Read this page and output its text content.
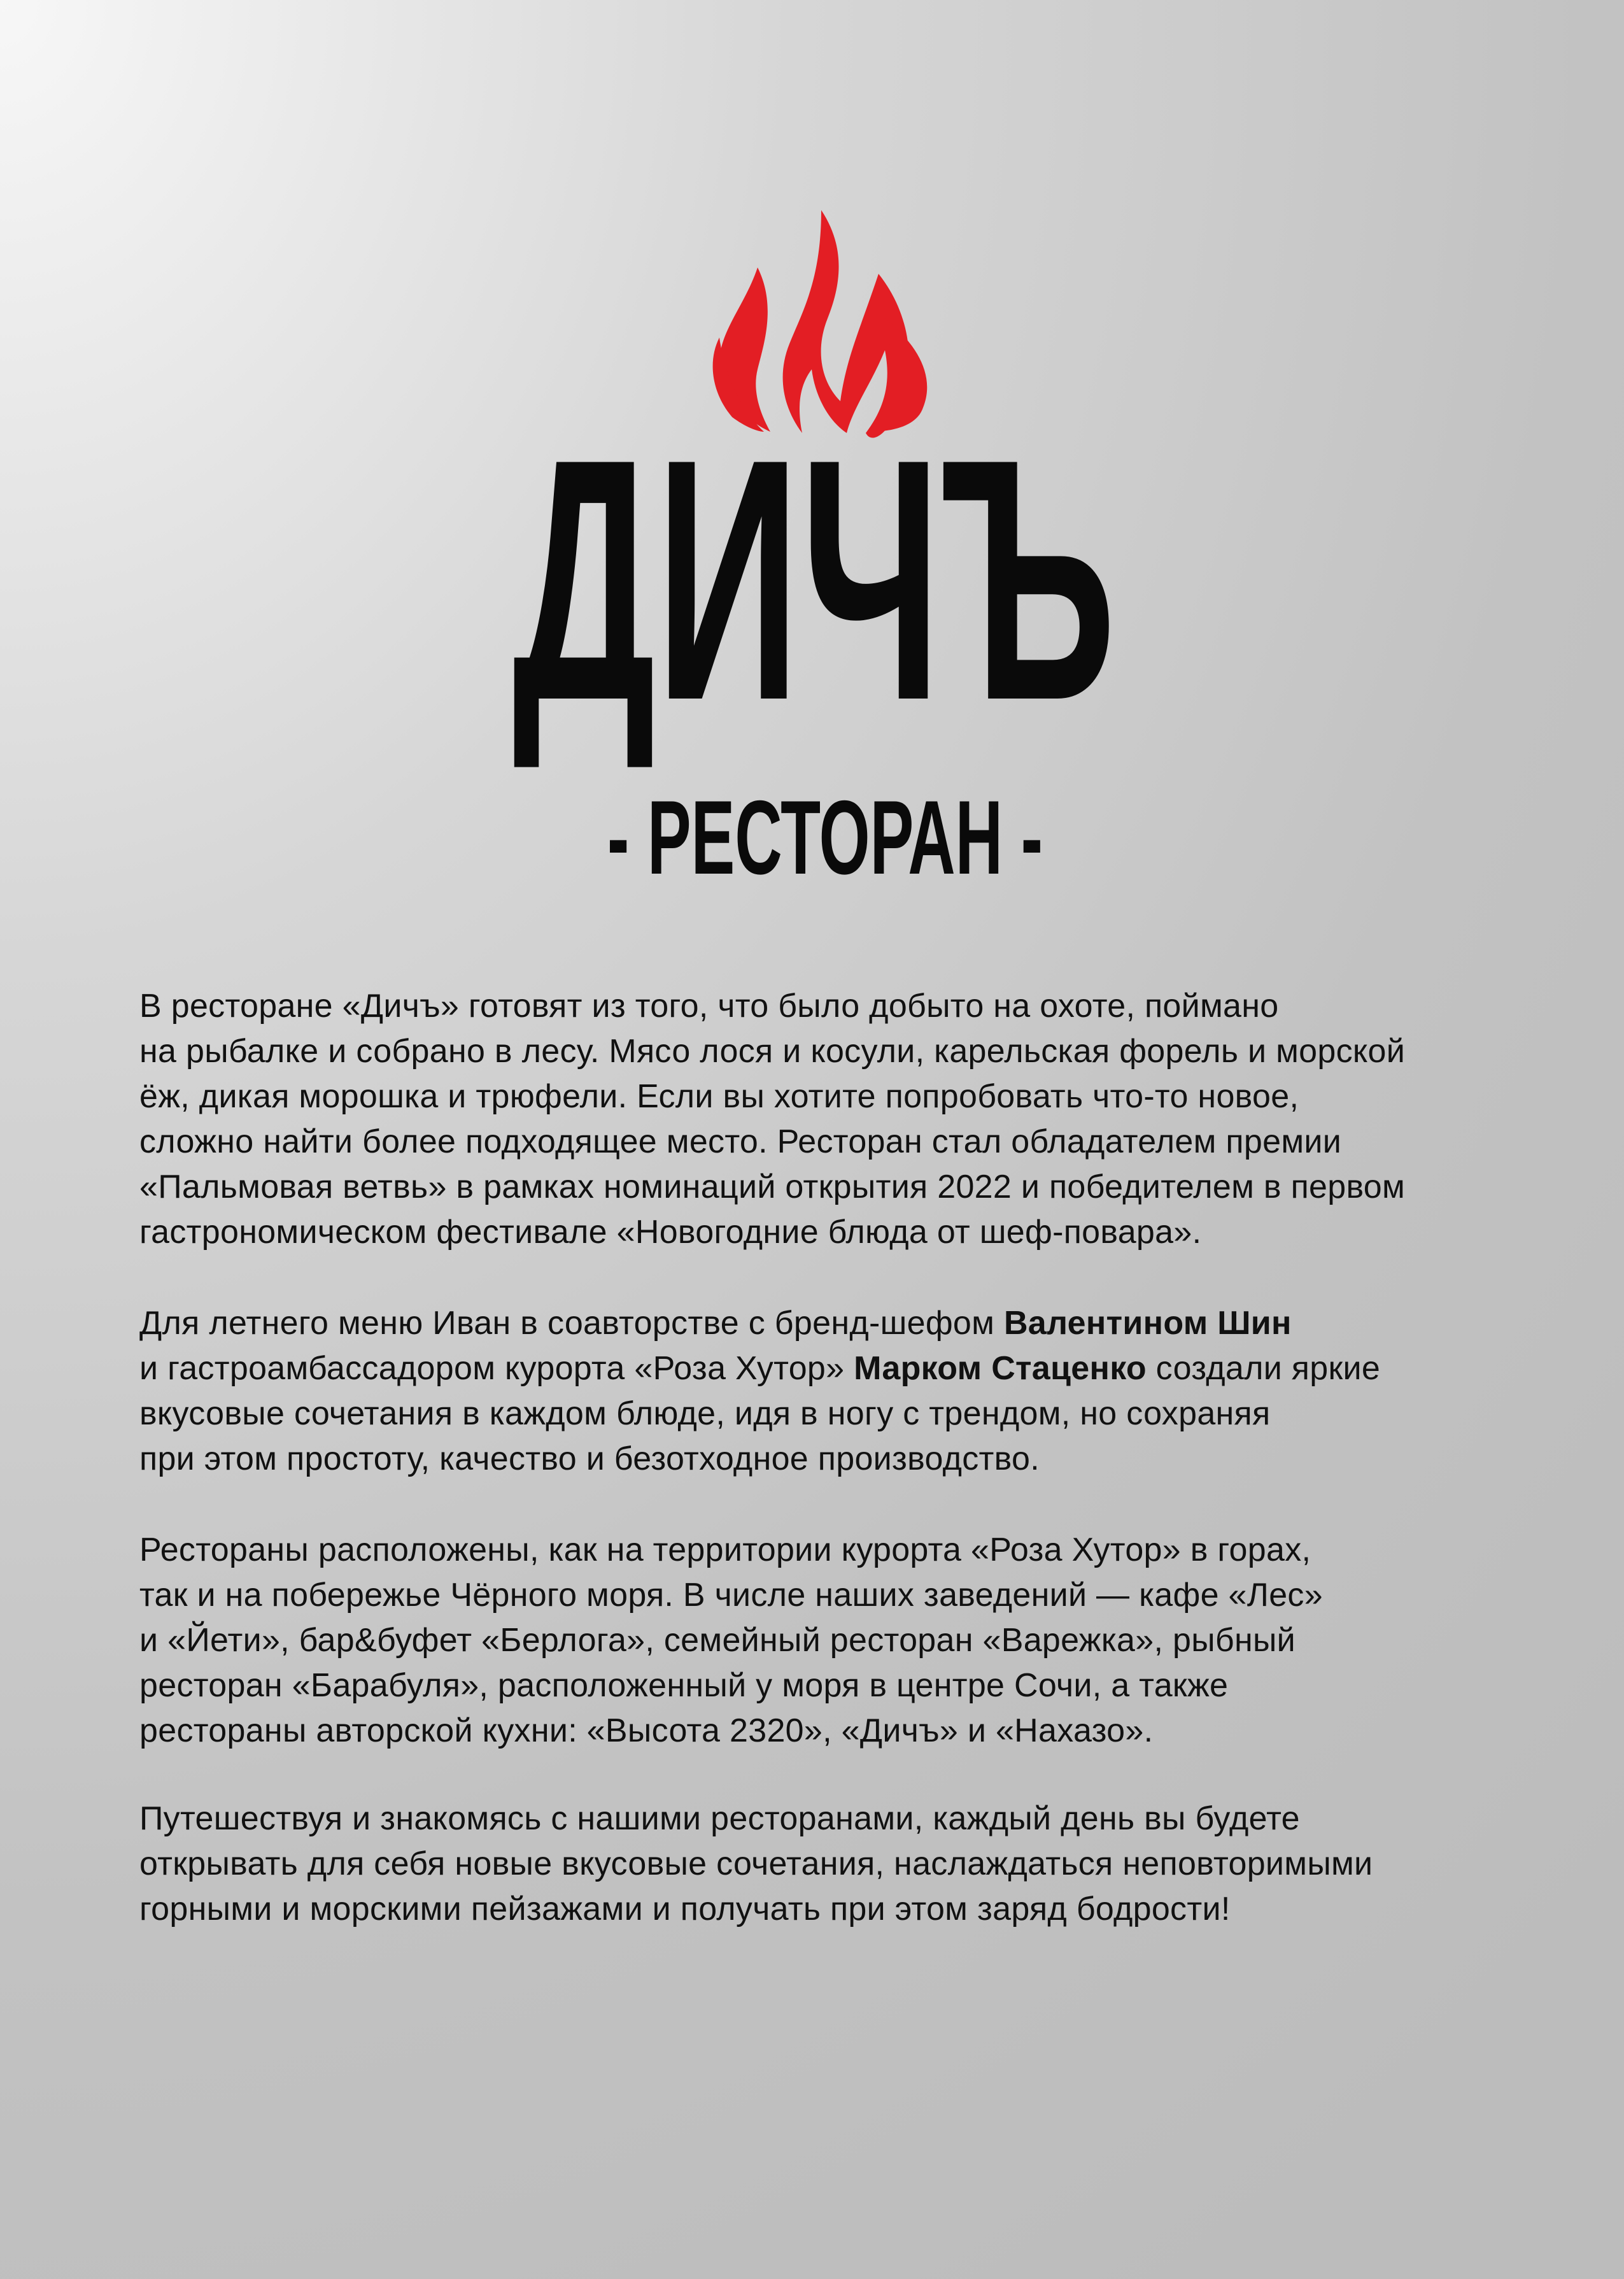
ДИЧЪ
- РЕСТОРАН -
В ресторане «Дичъ» готовят из того, что было добыто на охоте, поймано
на рыбалке и собрано в лесу. Мясо лося и косули, карельская форель и морской
ёж, дикая морошка и трюфели. Если вы хотите попробовать что-то новое,
сложно найти более подходящее место. Ресторан стал обладателем премии
«Пальмовая ветвь» в рамках номинаций открытия 2022 и победителем в первом
гастрономическом фестивале «Новогодние блюда от шеф-повара».
Для летнего меню Иван в соавторстве с бренд-шефом Валентином Шин
и гастроамбассадором курорта «Роза Хутор» Марком Стаценко создали яркие
вкусовые сочетания в каждом блюде, идя в ногу с трендом, но сохраняя
при этом простоту, качество и безотходное производство.
Рестораны расположены, как на территории курорта «Роза Хутор» в горах,
так и на побережье Чёрного моря. В числе наших заведений — кафе «Лес»
и «Йети», бар&буфет «Берлога», семейный ресторан «Варежка», рыбный
ресторан «Барабуля», расположенный у моря в центре Сочи, а также
рестораны авторской кухни: «Высота 2320», «Дичъ» и «Нахазо».
Путешествуя и знакомясь с нашими ресторанами, каждый день вы будете
открывать для себя новые вкусовые сочетания, наслаждаться неповторимыми
горными и морскими пейзажами и получать при этом заряд бодрости!
